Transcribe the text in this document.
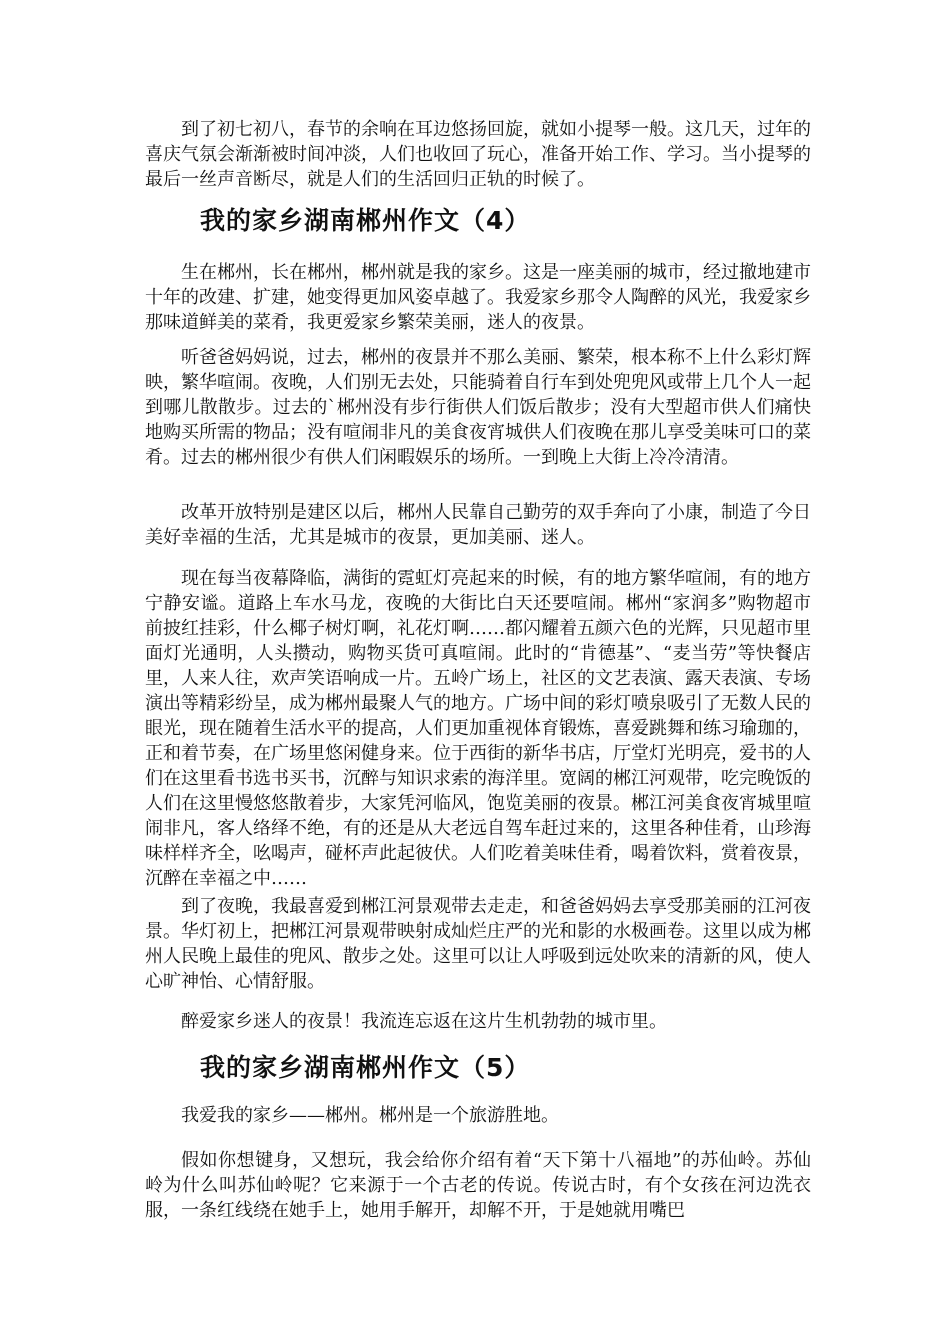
到了初七初八，春节的余响在耳边悠扬回旋，就如小提琴一般。这几天，过年的喜庆气氛会渐渐被时间冲淡，人们也收回了玩心，准备开始工作、学习。当小提琴的最后一丝声音断尽，就是人们的生活回归正轨的时候了。

我的家乡湖南郴州作文（4）

生在郴州，长在郴州，郴州就是我的家乡。这是一座美丽的城市，经过撤地建市十年的改建、扩建，她变得更加风姿卓越了。我爱家乡那令人陶醉的风光，我爱家乡那味道鲜美的菜肴，我更爱家乡繁荣美丽，迷人的夜景。

听爸爸妈妈说，过去，郴州的夜景并不那么美丽、繁荣，根本称不上什么彩灯辉映，繁华喧闹。夜晚，人们别无去处，只能骑着自行车到处兜兜风或带上几个人一起到哪儿散散步。过去的`郴州没有步行街供人们饭后散步；没有大型超市供人们痛快地购买所需的物品；没有喧闹非凡的美食夜宵城供人们夜晚在那儿享受美味可口的菜肴。过去的郴州很少有供人们闲暇娱乐的场所。一到晚上大街上冷冷清清。

改革开放特别是建区以后，郴州人民靠自己勤劳的双手奔向了小康，制造了今日美好幸福的生活，尤其是城市的夜景，更加美丽、迷人。

现在每当夜幕降临，满街的霓虹灯亮起来的时候，有的地方繁华喧闹，有的地方宁静安谧。道路上车水马龙，夜晚的大街比白天还要喧闹。郴州“家润多”购物超市前披红挂彩，什么椰子树灯啊，礼花灯啊……都闪耀着五颜六色的光辉，只见超市里面灯光通明，人头攒动，购物买货可真喧闹。此时的“肯德基”、“麦当劳”等快餐店里，人来人往，欢声笑语响成一片。五岭广场上，社区的文艺表演、露天表演、专场演出等精彩纷呈，成为郴州最聚人气的地方。广场中间的彩灯喷泉吸引了无数人民的眼光，现在随着生活水平的提高，人们更加重视体育锻炼，喜爱跳舞和练习瑜珈的，正和着节奏，在广场里悠闲健身来。位于西街的新华书店，厅堂灯光明亮，爱书的人们在这里看书选书买书，沉醉与知识求索的海洋里。宽阔的郴江河观带，吃完晚饭的人们在这里慢悠悠散着步，大家凭河临风，饱览美丽的夜景。郴江河美食夜宵城里喧闹非凡，客人络绎不绝，有的还是从大老远自驾车赶过来的，这里各种佳肴，山珍海味样样齐全，吆喝声，碰杯声此起彼伏。人们吃着美味佳肴，喝着饮料，赏着夜景，沉醉在幸福之中……

到了夜晚，我最喜爱到郴江河景观带去走走，和爸爸妈妈去享受那美丽的江河夜景。华灯初上，把郴江河景观带映射成灿烂庄严的光和影的水极画卷。这里以成为郴州人民晚上最佳的兜风、散步之处。这里可以让人呼吸到远处吹来的清新的风，使人心旷神怡、心情舒服。

醉爱家乡迷人的夜景！我流连忘返在这片生机勃勃的城市里。

我的家乡湖南郴州作文（5）

我爱我的家乡——郴州。郴州是一个旅游胜地。

假如你想键身，又想玩，我会给你介绍有着“天下第十八福地”的苏仙岭。苏仙岭为什么叫苏仙岭呢？它来源于一个古老的传说。传说古时，有个女孩在河边洗衣服，一条红线绕在她手上，她用手解开，却解不开，于是她就用嘴巴
